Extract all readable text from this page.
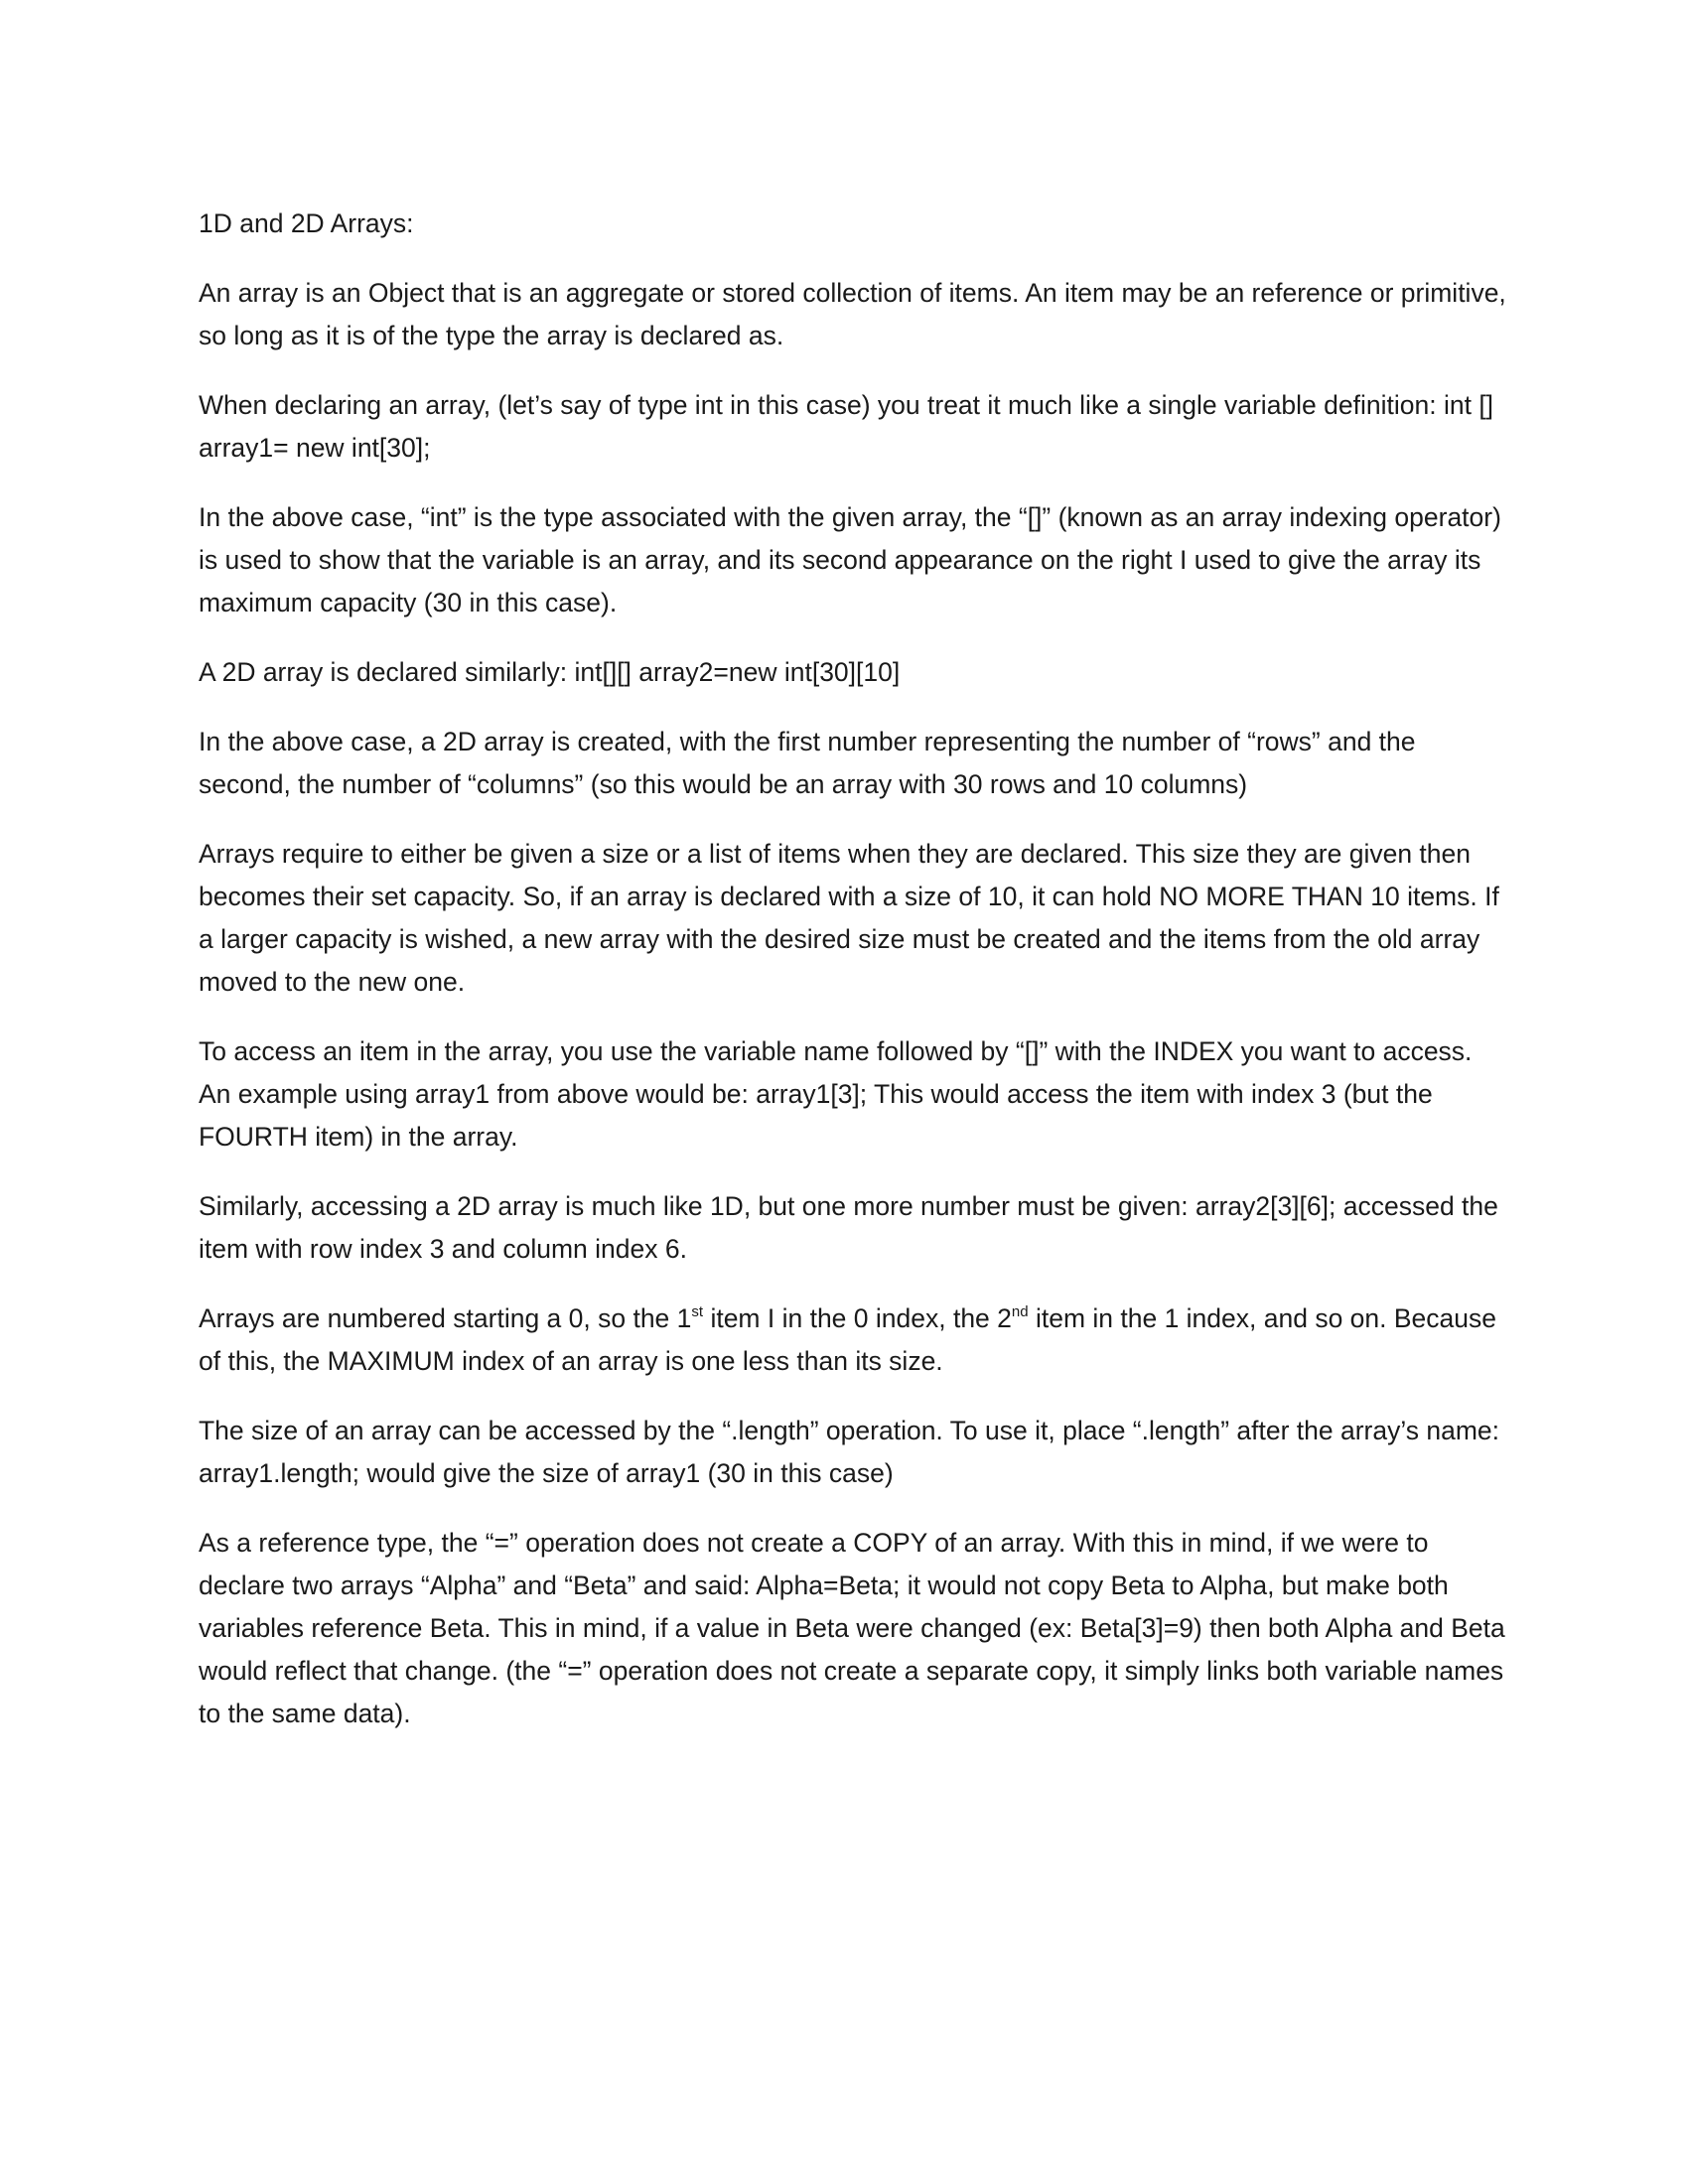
1D and 2D Arrays:

An array is an Object that is an aggregate or stored collection of items. An item may be an reference or primitive, so long as it is of the type the array is declared as.

When declaring an array, (let’s say of type int in this case) you treat it much like a single variable definition: int [] array1= new int[30];

In the above case, “int” is the type associated with the given array, the “[]” (known as an array indexing operator) is used to show that the variable is an array, and its second appearance on the right I used to give the array its maximum capacity (30 in this case).

A 2D array is declared similarly: int[][] array2=new int[30][10]

In the above case, a 2D array is created, with the first number representing the number of “rows” and the second, the number of “columns” (so this would be an array with 30 rows and 10 columns)

Arrays require to either be given a size or a list of items when they are declared. This size they are given then becomes their set capacity. So, if an array is declared with a size of 10, it can hold NO MORE THAN 10 items. If a larger capacity is wished, a new array with the desired size must be created and the items from the old array moved to the new one.

To access an item in the array, you use the variable name followed by “[]” with the INDEX you want to access. An example using array1 from above would be: array1[3]; This would access the item with index 3 (but the FOURTH item) in the array.

Similarly, accessing a 2D array is much like 1D, but one more number must be given: array2[3][6]; accessed the item with row index 3 and column index 6.

Arrays are numbered starting a 0, so the 1st item I in the 0 index, the 2nd item in the 1 index, and so on. Because of this, the MAXIMUM index of an array is one less than its size.

The size of an array can be accessed by the “.length” operation. To use it, place “.length” after the array’s name: array1.length; would give the size of array1 (30 in this case)

As a reference type, the “=” operation does not create a COPY of an array. With this in mind, if we were to declare two arrays “Alpha” and “Beta” and said: Alpha=Beta; it would not copy Beta to Alpha, but make both variables reference Beta. This in mind, if a value in Beta were changed (ex: Beta[3]=9) then both Alpha and Beta would reflect that change. (the “=” operation does not create a separate copy, it simply links both variable names to the same data).
